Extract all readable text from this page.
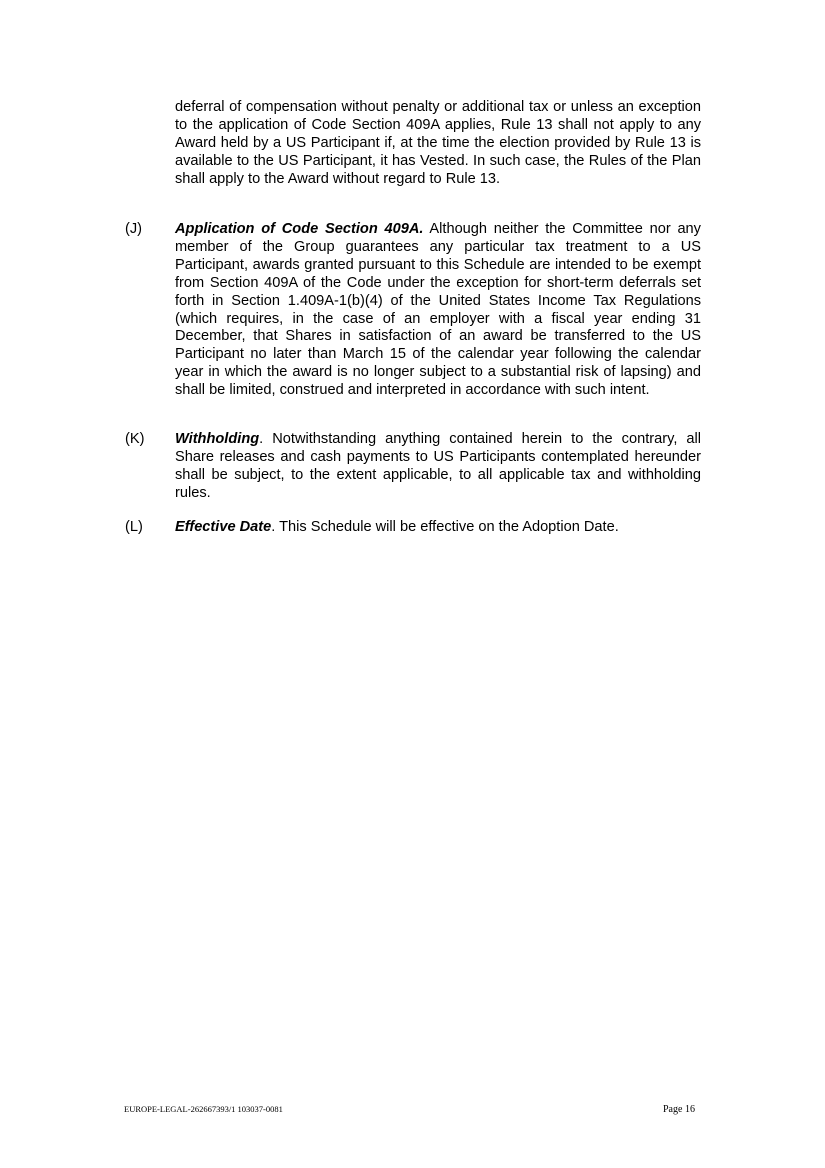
deferral of compensation without penalty or additional tax or unless an exception to the application of Code Section 409A applies, Rule 13 shall not apply to any Award held by a US Participant if, at the time the election provided by Rule 13 is available to the US Participant, it has Vested. In such case, the Rules of the Plan shall apply to the Award without regard to Rule 13.
(J) Application of Code Section 409A. Although neither the Committee nor any member of the Group guarantees any particular tax treatment to a US Participant, awards granted pursuant to this Schedule are intended to be exempt from Section 409A of the Code under the exception for short-term deferrals set forth in Section 1.409A-1(b)(4) of the United States Income Tax Regulations (which requires, in the case of an employer with a fiscal year ending 31 December, that Shares in satisfaction of an award be transferred to the US Participant no later than March 15 of the calendar year following the calendar year in which the award is no longer subject to a substantial risk of lapsing) and shall be limited, construed and interpreted in accordance with such intent.
(K) Withholding. Notwithstanding anything contained herein to the contrary, all Share releases and cash payments to US Participants contemplated hereunder shall be subject, to the extent applicable, to all applicable tax and withholding rules.
(L) Effective Date. This Schedule will be effective on the Adoption Date.
EUROPE-LEGAL-262667393/1 103037-0081	Page 16
